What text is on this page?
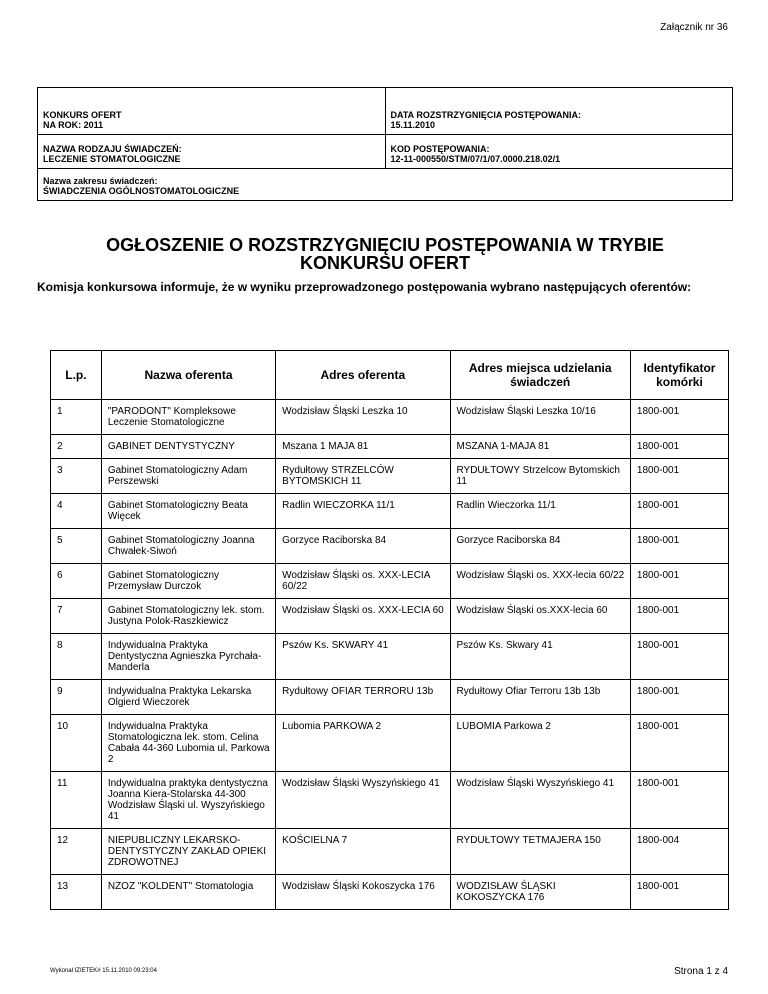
Załącznik nr 36
KONKURS OFERT
NA ROK: 2011	DATA ROZSTRZYGNIĘCIA POSTĘPOWANIA:
15.11.2010

NAZWA RODZAJU ŚWIADCZEŃ:
LECZENIE STOMATOLOGICZNE	KOD POSTĘPOWANIA:
12-11-000550/STM/07/1/07.0000.218.02/1

Nazwa zakresu świadczeń:
ŚWIADCZENIA OGÓLNOSTOMATOLOGICZNE	
OGŁOSZENIE O ROZSTRZYGNIĘCIU POSTĘPOWANIA W TRYBIE
KONKURSU OFERT
Komisja konkursowa informuje, że w wyniku przeprowadzonego postępowania wybrano następujących oferentów:
L.p.	Nazwa oferenta	Adres oferenta	Adres miejsca udzielania świadczeń	Identyfikator komórki
1	"PARODONT" Kompleksowe Leczenie Stomatologiczne	Wodzisław Śląski Leszka 10	Wodzisław Śląski Leszka 10/16	1800-001
2	GABINET DENTYSTYCZNY	Mszana 1 MAJA 81	MSZANA 1-MAJA 81	1800-001
3	Gabinet Stomatologiczny Adam Perszewski	Rydułtowy STRZELCÓW BYTOMSKICH 11	RYDUŁTOWY Strzelcow Bytomskich 11	1800-001
4	Gabinet Stomatologiczny Beata Więcek	Radlin WIECZORKA 11/1	Radlin Wieczorka 11/1	1800-001
5	Gabinet Stomatologiczny Joanna Chwałek-Siwoń	Gorzyce Raciborska 84	Gorzyce Raciborska 84	1800-001
6	Gabinet Stomatologiczny Przemysław Durczok	Wodzisław Śląski os. XXX-LECIA 60/22	Wodzisław Śląski os. XXX-lecia 60/22	1800-001
7	Gabinet Stomatologiczny lek. stom. Justyna Polok-Raszkiewicz	Wodzisław Śląski os. XXX-LECIA 60	Wodzisław Śląski os.XXX-lecia 60	1800-001
8	Indywidualna Praktyka Dentystyczna Agnieszka Pyrchała-Manderla	Pszów Ks. SKWARY 41	Pszów Ks. Skwary 41	1800-001
9	Indywidualna Praktyka Lekarska Olgierd Wieczorek	Rydułtowy OFIAR TERRORU 13b	Rydułtowy Ofiar Terroru 13b 13b	1800-001
10	Indywidualna Praktyka Stomatologiczna lek. stom. Celina Cabała 44-360 Lubomia ul. Parkowa 2	Lubomia PARKOWA 2	LUBOMIA Parkowa 2	1800-001
11	Indywidualna praktyka dentystyczna Joanna Kiera-Stolarska 44-300 Wodzisław Śląski ul. Wyszyńskiego 41	Wodzisław Śląski Wyszyńskiego 41	Wodzisław Śląski Wyszyńskiego 41	1800-001
12	NIEPUBLICZNY LEKARSKO-DENTYSTYCZNY ZAKŁAD OPIEKI ZDROWOTNEJ	KOŚCIELNA 7	RYDUŁTOWY TETMAJERA 150	1800-004
13	NZOZ "KOLDENT" Stomatologia	Wodzisław Śląski Kokoszycka 176	WODZISŁAW ŚLĄSKI KOKOSZYCKA 176	1800-001
Wykonał IZIETEK# 15.11.2010 09:23:04	Strona 1 z 4
